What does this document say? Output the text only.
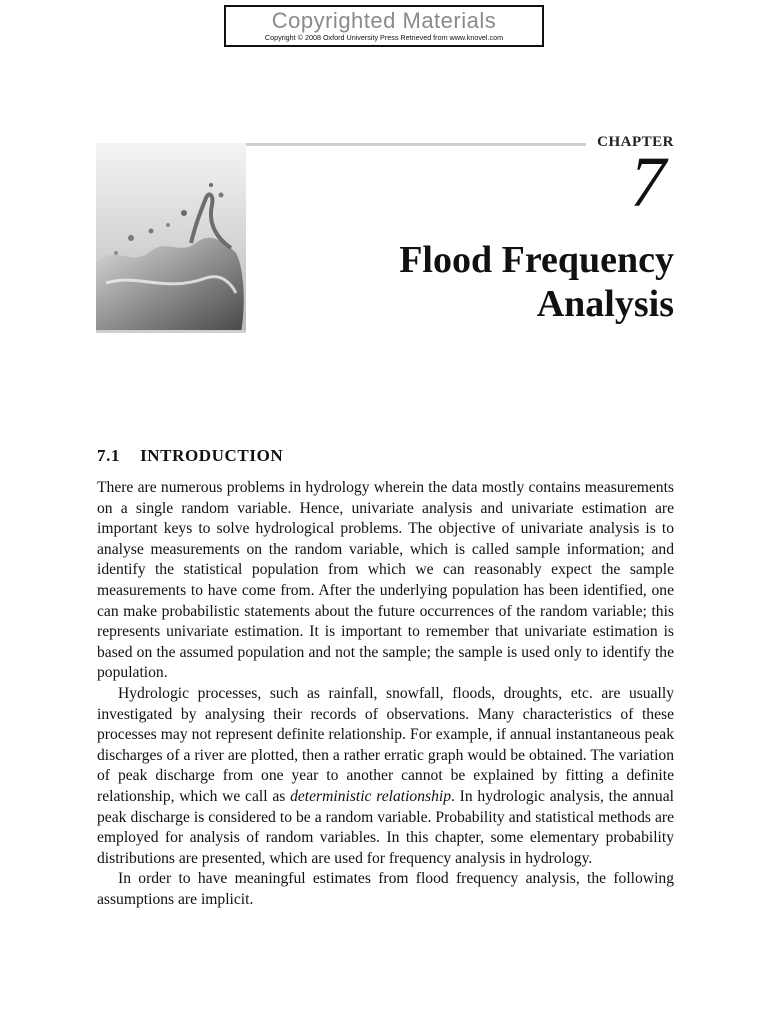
Copyrighted Materials
Copyright © 2008 Oxford University Press Retrieved from www.knovel.com
CHAPTER
7
Flood Frequency
Analysis
7.1 INTRODUCTION

There are numerous problems in hydrology wherein the data mostly contains measurements on a single random variable. Hence, univariate analysis and univariate estimation are important keys to solve hydrological problems. The objective of univariate analysis is to analyse measurements on the random variable, which is called sample information; and identify the statistical population from which we can reasonably expect the sample measurements to have come from. After the underlying population has been identified, one can make probabilistic statements about the future occurrences of the random variable; this represents univariate estimation. It is important to remember that univariate estimation is based on the assumed population and not the sample; the sample is used only to identify the population.

Hydrologic processes, such as rainfall, snowfall, floods, droughts, etc. are usually investigated by analysing their records of observations. Many characteristics of these processes may not represent definite relationship. For example, if annual instantaneous peak discharges of a river are plotted, then a rather erratic graph would be obtained. The variation of peak discharge from one year to another cannot be explained by fitting a definite relationship, which we call as deterministic relationship. In hydrologic analysis, the annual peak discharge is considered to be a random variable. Probability and statistical methods are employed for analysis of random variables. In this chapter, some elementary probability distributions are presented, which are used for frequency analysis in hydrology.

In order to have meaningful estimates from flood frequency analysis, the following assumptions are implicit.
